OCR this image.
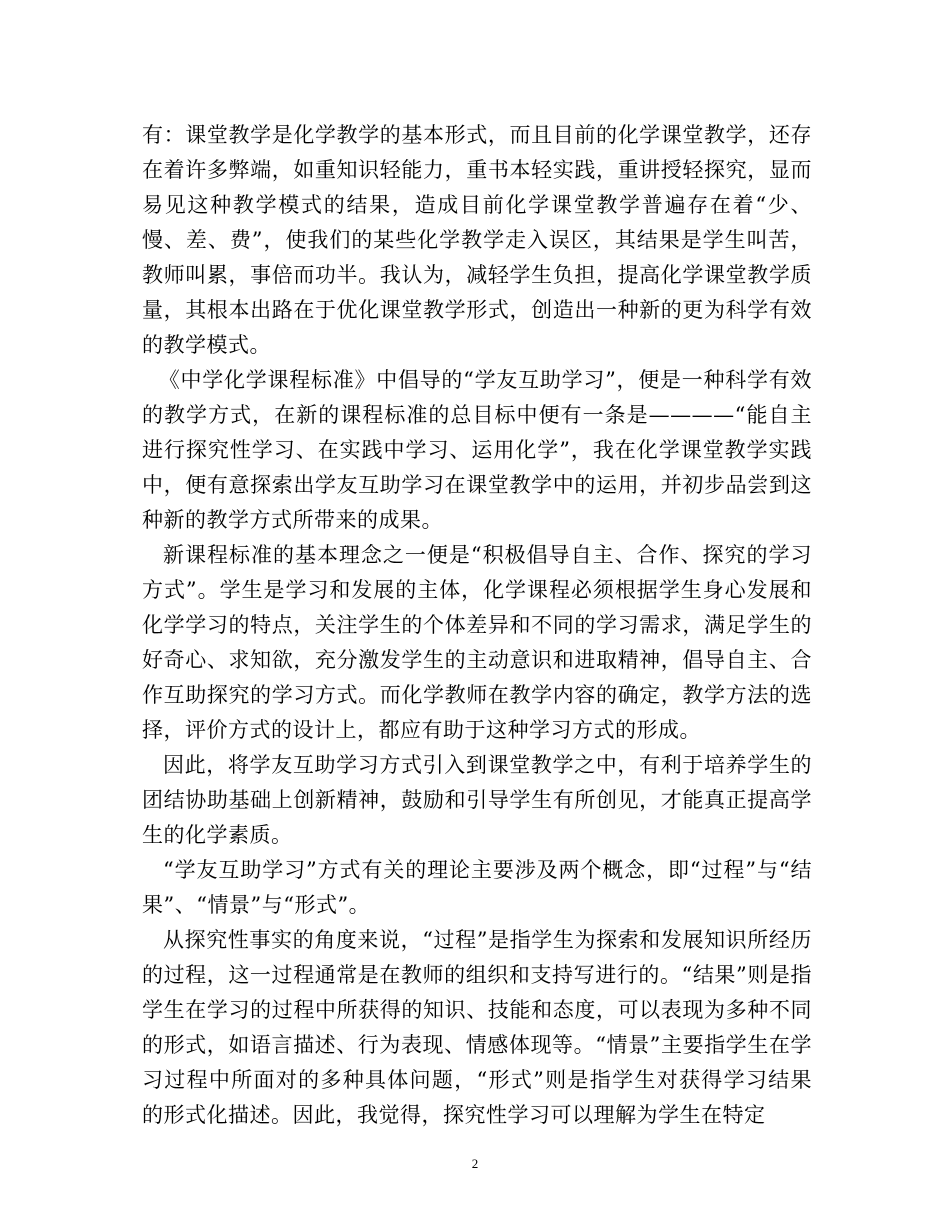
有：课堂教学是化学教学的基本形式，而且目前的化学课堂教学，还存在着许多弊端，如重知识轻能力，重书本轻实践，重讲授轻探究，显而易见这种教学模式的结果，造成目前化学课堂教学普遍存在着“少、慢、差、费”，使我们的某些化学教学走入误区，其结果是学生叫苦，教师叫累，事倍而功半。我认为，减轻学生负担，提高化学课堂教学质量，其根本出路在于优化课堂教学形式，创造出一种新的更为科学有效的教学模式。

《中学化学课程标准》中倡导的“学友互助学习”，便是一种科学有效的教学方式，在新的课程标准的总目标中便有一条是————“能自主进行探究性学习、在实践中学习、运用化学”，我在化学课堂教学实践中，便有意探索出学友互助学习在课堂教学中的运用，并初步品尝到这种新的教学方式所带来的成果。

新课程标准的基本理念之一便是“积极倡导自主、合作、探究的学习方式”。学生是学习和发展的主体，化学课程必须根据学生身心发展和化学学习的特点，关注学生的个体差异和不同的学习需求，满足学生的好奇心、求知欲，充分激发学生的主动意识和进取精神，倡导自主、合作互助探究的学习方式。而化学教师在教学内容的确定，教学方法的选择，评价方式的设计上，都应有助于这种学习方式的形成。

因此，将学友互助学习方式引入到课堂教学之中，有利于培养学生的团结协助基础上创新精神，鼓励和引导学生有所创见，才能真正提高学生的化学素质。

“学友互助学习”方式有关的理论主要涉及两个概念，即“过程”与“结果”、“情景”与“形式”。

从探究性事实的角度来说，“过程”是指学生为探索和发展知识所经历的过程，这一过程通常是在教师的组织和支持写进行的。“结果”则是指学生在学习的过程中所获得的知识、技能和态度，可以表现为多种不同的形式，如语言描述、行为表现、情感体现等。“情景”主要指学生在学习过程中所面对的多种具体问题，“形式”则是指学生对获得学习结果 的形式化描述。因此，我觉得，探究性学习可以理解为学生在特定

2
